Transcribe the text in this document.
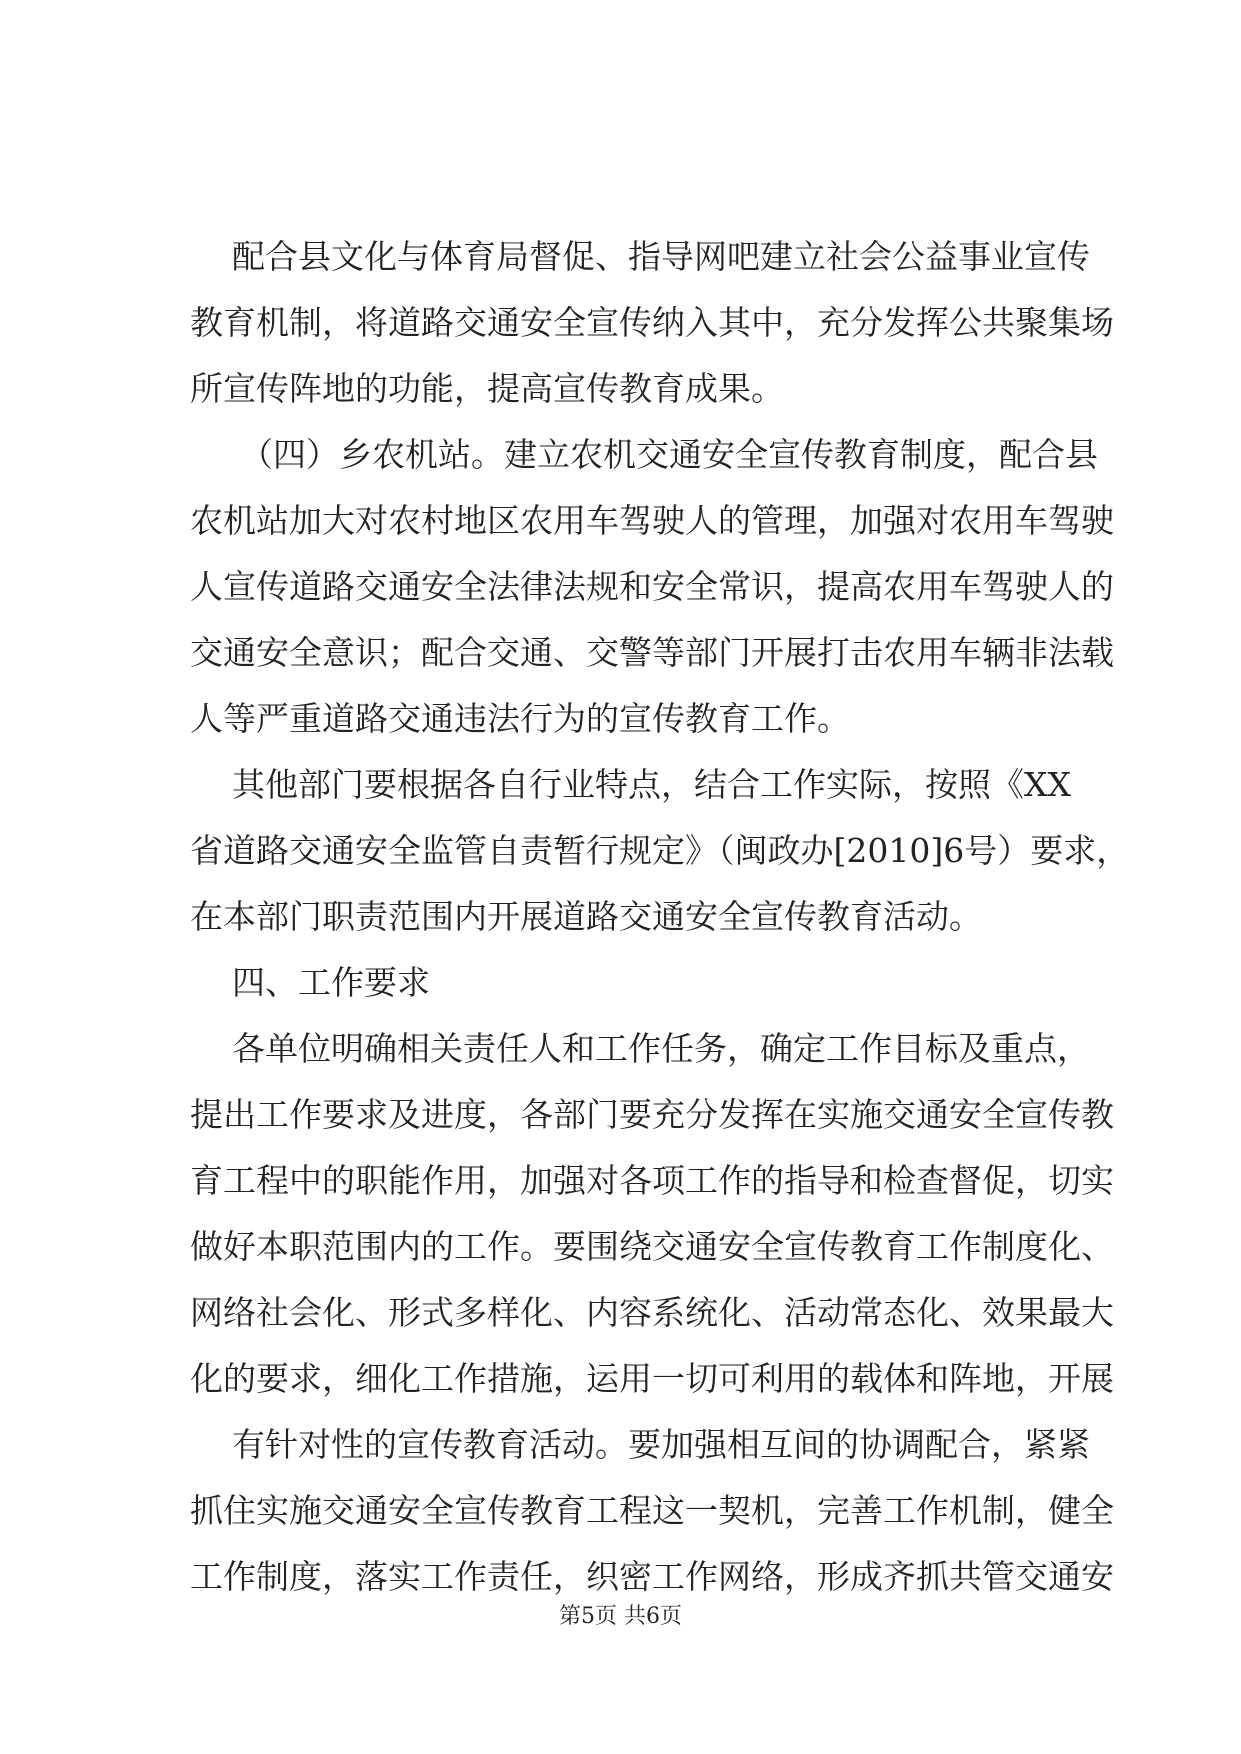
配合县文化与体育局督促、指导网吧建立社会公益事业宣传

教育机制，将道路交通安全宣传纳入其中，充分发挥公共聚集场

所宣传阵地的功能，提高宣传教育成果。

（四）乡农机站。建立农机交通安全宣传教育制度，配合县

农机站加大对农村地区农用车驾驶人的管理，加强对农用车驾驶

人宣传道路交通安全法律法规和安全常识，提高农用车驾驶人的

交通安全意识；配合交通、交警等部门开展打击农用车辆非法载

人等严重道路交通违法行为的宣传教育工作。

其他部门要根据各自行业特点，结合工作实际，按照《XX

省道路交通安全监管自责暂行规定》（闽政办[2010]6号）要求，

在本部门职责范围内开展道路交通安全宣传教育活动。

四、工作要求

各单位明确相关责任人和工作任务，确定工作目标及重点，

提出工作要求及进度，各部门要充分发挥在实施交通安全宣传教

育工程中的职能作用，加强对各项工作的指导和检查督促，切实

做好本职范围内的工作。要围绕交通安全宣传教育工作制度化、

网络社会化、形式多样化、内容系统化、活动常态化、效果最大

化的要求，细化工作措施，运用一切可利用的载体和阵地，开展

有针对性的宣传教育活动。要加强相互间的协调配合，紧紧

抓住实施交通安全宣传教育工程这一契机，完善工作机制，健全

工作制度，落实工作责任，织密工作网络，形成齐抓共管交通安

第5页 共6页
